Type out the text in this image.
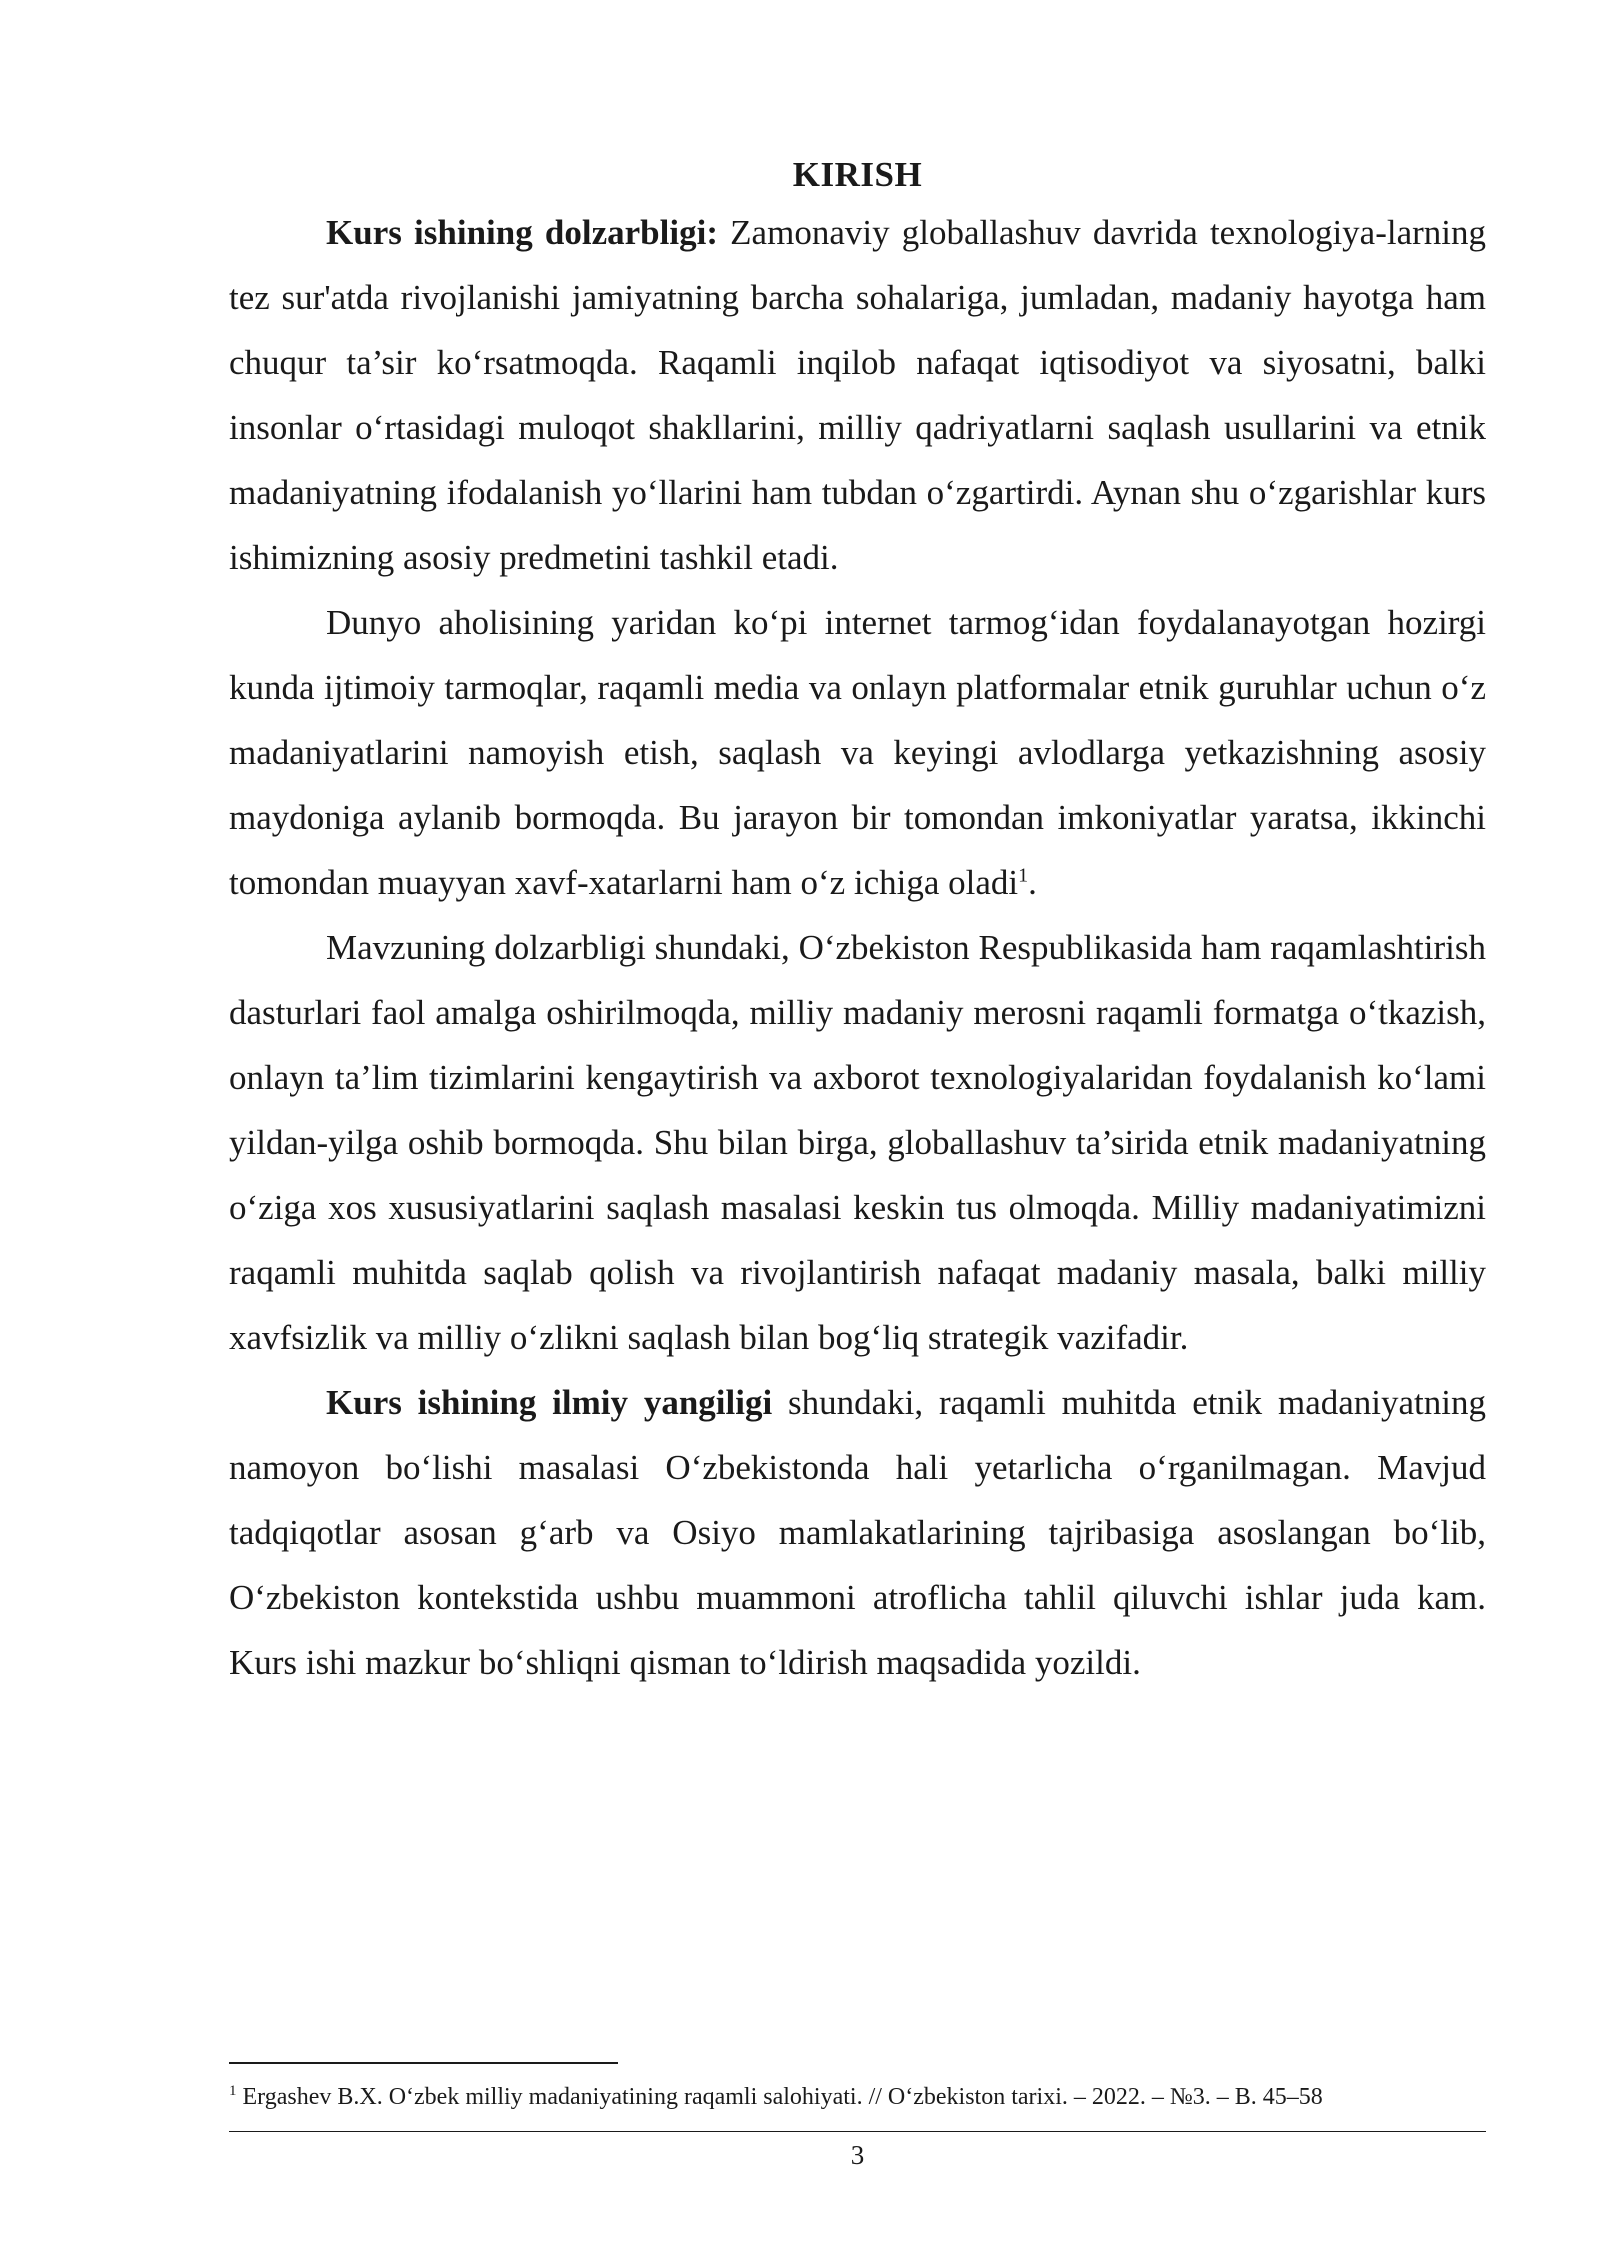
KIRISH

Kurs ishining dolzarbligi: Zamonaviy globallashuv davrida texnologiya-larning tez sur'atda rivojlanishi jamiyatning barcha sohalariga, jumladan, madaniy hayotga ham chuqur ta’sir ko‘rsatmoqda. Raqamli inqilob nafaqat iqtisodiyot va siyosatni, balki insonlar o‘rtasidagi muloqot shakllarini, milliy qadriyatlarni saqlash usullarini va etnik madaniyatning ifodalanish yo‘llarini ham tubdan o‘zgartirdi. Aynan shu o‘zgarishlar kurs ishimizning asosiy predmetini tashkil etadi.

Dunyo aholisining yaridan ko‘pi internet tarmog‘idan foydalanayotgan hozirgi kunda ijtimoiy tarmoqlar, raqamli media va onlayn platformalar etnik guruhlar uchun o‘z madaniyatlarini namoyish etish, saqlash va keyingi avlodlarga yetkazishning asosiy maydoniga aylanib bormoqda. Bu jarayon bir tomondan imkoniyatlar yaratsa, ikkinchi tomondan muayyan xavf-xatarlarni ham o‘z ichiga oladi$^1$.

Mavzuning dolzarbligi shundaki, O‘zbekiston Respublikasida ham raqamlashtirish dasturlari faol amalga oshirilmoqda, milliy madaniy merosni raqamli formatga o‘tkazish, onlayn ta’lim tizimlarini kengaytirish va axborot texnologiyalaridan foydalanish ko‘lami yildan-yilga oshib bormoqda. Shu bilan birga, globallashuv ta’sirida etnik madaniyatning o‘ziga xos xususiyatlarini saqlash masalasi keskin tus olmoqda. Milliy madaniyatimizni raqamli muhitda saqlab qolish va rivojlantirish nafaqat madaniy masala, balki milliy xavfsizlik va milliy o‘zlikni saqlash bilan bog‘liq strategik vazifadir.

Kurs ishining ilmiy yangiligi shundaki, raqamli muhitda etnik madaniyatning namoyon bo‘lishi masalasi O‘zbekistonda hali yetarlicha o‘rganilmagan. Mavjud tadqiqotlar asosan g‘arb va Osiyo mamlakatlarining tajribasiga asoslangan bo‘lib, O‘zbekiston kontekstida ushbu muammoni atroflicha tahlil qiluvchi ishlar juda kam. Kurs ishi mazkur bo‘shliqni qisman to‘ldirish maqsadida yozildi.

$^1$ Ergashev B.X. O‘zbek milliy madaniyatining raqamli salohiyati. // O‘zbekiston tarixi. – 2022. – №3. – B. 45–58
3
